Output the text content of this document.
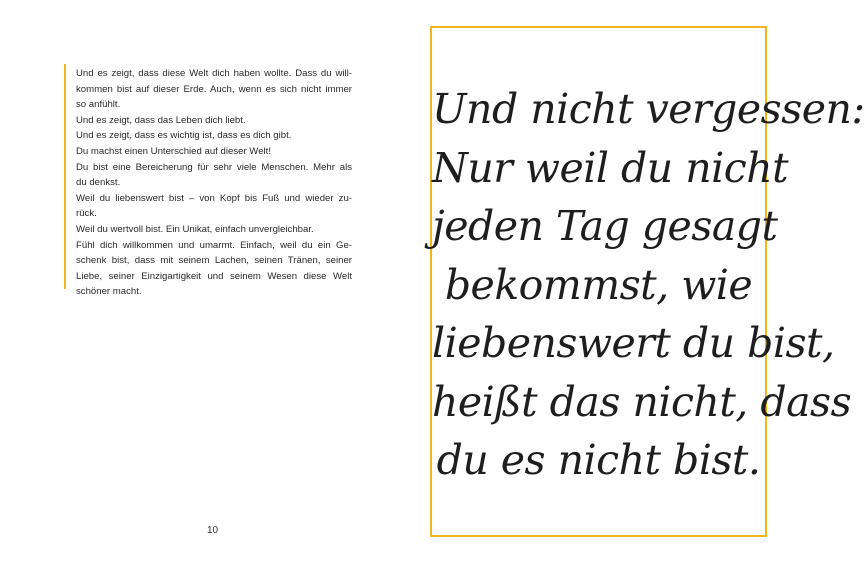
Und es zeigt, dass diese Welt dich haben wollte. Dass du will-
kommen bist auf dieser Erde. Auch, wenn es sich nicht immer
so anfühlt.
Und es zeigt, dass das Leben dich liebt.
Und es zeigt, dass es wichtig ist, dass es dich gibt.
Du machst einen Unterschied auf dieser Welt!
Du bist eine Bereicherung für sehr viele Menschen. Mehr als
du denkst.
Weil du liebenswert bist – von Kopf bis Fuß und wieder zu-
rück.
Weil du wertvoll bist. Ein Unikat, einfach unvergleichbar.
Fühl dich willkommen und umarmt. Einfach, weil du ein Ge-
schenk bist, dass mit seinem Lachen, seinen Tränen, seiner
Liebe, seiner Einzigartigkeit und seinem Wesen diese Welt
schöner macht.
10
Und nicht vergessen:
Nur weil du nicht
jeden Tag gesagt
bekommst, wie
liebenswert du bist,
heißt das nicht, dass
du es nicht bist.
